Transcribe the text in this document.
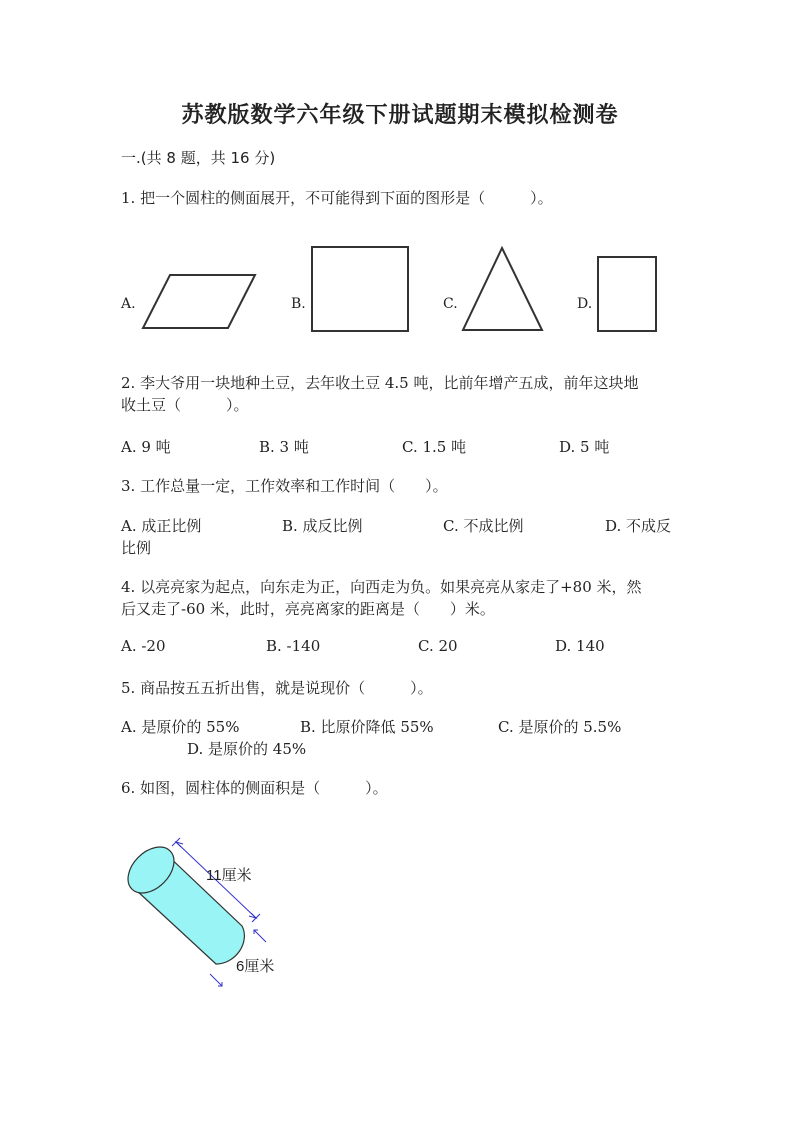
苏教版数学六年级下册试题期末模拟检测卷
一.(共 8 题，共 16 分)
1. 把一个圆柱的侧面展开，不可能得到下面的图形是（　　　）。
A.	B.	C.	D.
2. 李大爷用一块地种土豆，去年收土豆 4.5 吨，比前年增产五成，前年这块地
收土豆（　　　）。
A. 9 吨	B. 3 吨	C. 1.5 吨	D. 5 吨
3. 工作总量一定，工作效率和工作时间（　　）。
A. 成正比例	B. 成反比例	C. 不成比例	D. 不成反
比例
4. 以亮亮家为起点，向东走为正，向西走为负。如果亮亮从家走了+80 米，然
后又走了-60 米，此时，亮亮离家的距离是（　　）米。
A. -20	B. -140	C. 20	D. 140
5. 商品按五五折出售，就是说现价（　　　）。
A. 是原价的 55%	B. 比原价降低 55%	C. 是原价的 5.5%
D. 是原价的 45%
6. 如图，圆柱体的侧面积是（　　　）。
11厘米
6厘米
